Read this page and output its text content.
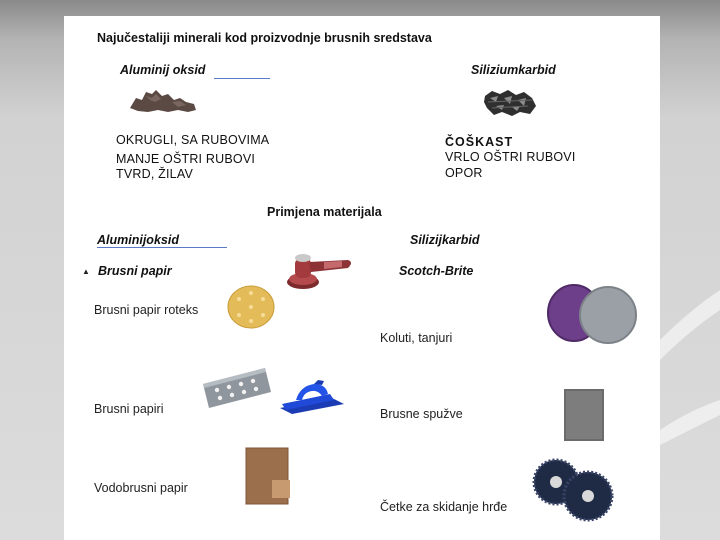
Najučestaliji minerali kod proizvodnje brusnih sredstava
Aluminij oksid	Siliziumkarbid
OKRUGLI, SA RUBOVIMA
MANJE OŠTRI RUBOVI
TVRD, ŽILAV
ČOŠKAST
VRLO OŠTRI RUBOVI
OPOR
Primjena materijala
Aluminijoksid	Silizijkarbid
▲ Brusni papir	Scotch-Brite
Brusni papir roteks
Brusni papiri
Vodobrusni papir
Koluti, tanjuri
Brusne spužve
Četke za skidanje hrđe
